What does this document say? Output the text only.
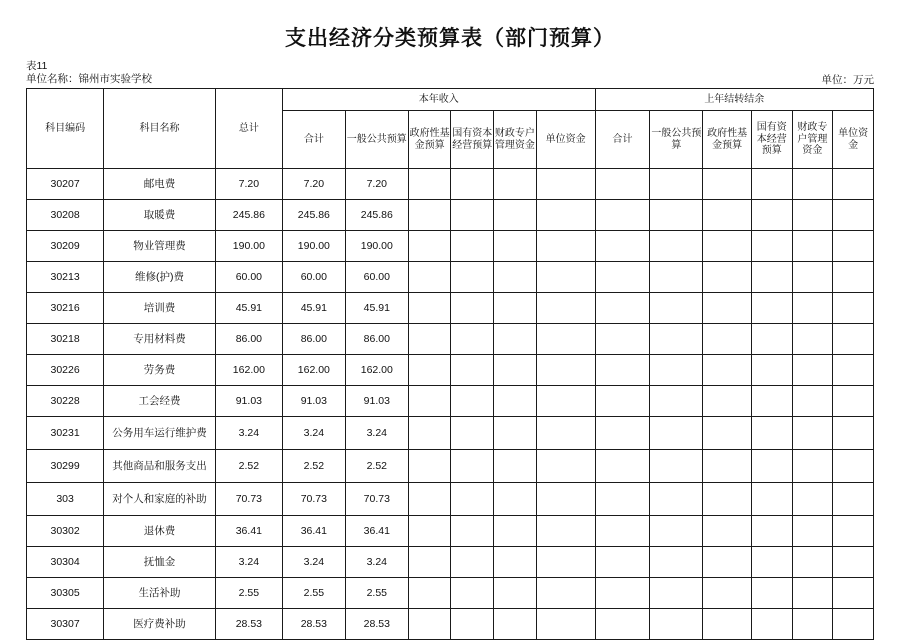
支出经济分类预算表（部门预算）
表11
单位名称：锦州市实验学校	单位：万元
科目编码	科目名称	总计	本年收入						上年结转结余					
			合计	一般公共预算	政府性基金预算	国有资本经营预算	财政专户管理资金	单位资金	合计	一般公共预算	政府性基金预算	国有资本经营预算	财政专户管理资金	单位资金
30207	邮电费	7.20	7.20	7.20										
30208	取暖费	245.86	245.86	245.86										
30209	物业管理费	190.00	190.00	190.00										
30213	维修(护)费	60.00	60.00	60.00										
30216	培训费	45.91	45.91	45.91										
30218	专用材料费	86.00	86.00	86.00										
30226	劳务费	162.00	162.00	162.00										
30228	工会经费	91.03	91.03	91.03										
30231	公务用车运行维护费	3.24	3.24	3.24										
30299	其他商品和服务支出	2.52	2.52	2.52										
303	对个人和家庭的补助	70.73	70.73	70.73										
30302	退休费	36.41	36.41	36.41										
30304	抚恤金	3.24	3.24	3.24										
30305	生活补助	2.55	2.55	2.55										
30307	医疗费补助	28.53	28.53	28.53										
